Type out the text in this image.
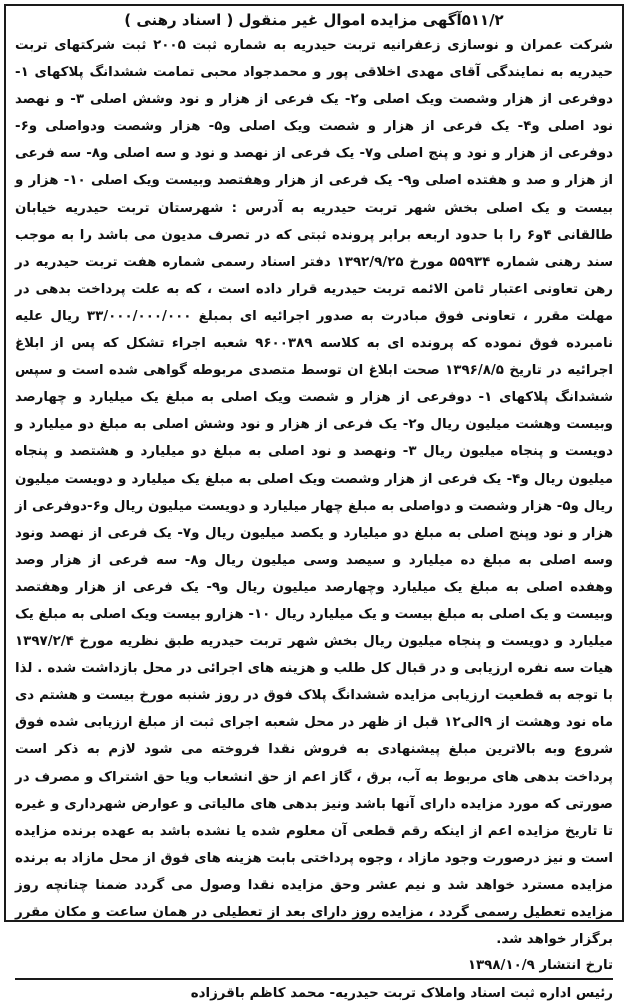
۵۱۱/۲آگهی مزایده اموال غیر منقول ( اسناد رهنی )

شرکت عمران و نوسازی زعفرانیه تربت حیدریه به شماره ثبت ۲۰۰۵ ثبت شرکتهای تربت حیدریه به نمایندگی آقای مهدی اخلاقی پور و محمدجواد محبی تمامت ششدانگ پلاکهای ۱- دوفرعی از هزار وشصت ویک اصلی و۲- یک فرعی از هزار و نود وشش اصلی ۳- و نهصد نود اصلی و۴- یک فرعی از هزار و شصت ویک اصلی و۵- هزار وشصت ودواصلی و۶- دوفرعی از هزار و نود و پنج اصلی و۷- یک فرعی از نهصد و نود و سه اصلی و۸- سه فرعی از هزار و صد و هفتده اصلی و۹- یک فرعی از هزار وهفتصد وبیست ویک اصلی ۱۰- هزار و بیست و یک اصلی بخش شهر تربت حیدریه به آدرس : شهرستان تربت حیدریه خیابان طالقانی ۴و۶ را با حدود اربعه برابر پرونده ثبتی که در تصرف مدیون می باشد را به موجب سند رهنی شماره ۵۵۹۳۴ مورخ ۱۳۹۲/۹/۲۵ دفتر اسناد رسمی شماره هفت تربت حیدریه در رهن تعاونی اعتبار ثامن الائمه تربت حیدریه قرار داده است ، که به علت پرداخت بدهی در مهلت مقرر ، تعاونی فوق مبادرت به صدور اجرائیه ای بمبلغ ۳۳/۰۰۰/۰۰۰/۰۰۰ ریال علیه نامبرده فوق نموده که پرونده ای به کلاسه ۹۶۰۰۳۸۹ شعبه اجراء تشکل که پس از ابلاغ اجرائیه در تاریخ ۱۳۹۶/۸/۵ صحت ابلاغ ان توسط متصدی مربوطه گواهی شده است و سپس ششدانگ پلاکهای ۱- دوفرعی از هزار و شصت ویک اصلی به مبلغ یک میلیارد و چهارصد وبیست وهشت میلیون ریال و۲- یک فرعی از هزار و نود وشش اصلی به مبلغ دو میلیارد و دویست و پنجاه میلیون ریال ۳- ونهصد و نود اصلی به مبلغ دو میلیارد و هشتصد و پنجاه میلیون ریال و۴- یک فرعی از هزار وشصت ویک اصلی به مبلغ یک میلیارد و دویست میلیون ریال و۵- هزار وشصت و دواصلی به مبلغ چهار میلیارد و دویست میلیون ریال و۶-دوفرعی از هزار و نود وپنج اصلی به مبلغ دو میلیارد و یکصد میلیون ریال و۷- یک فرعی از نهصد ونود وسه اصلی به مبلغ ده میلیارد و سیصد وسی میلیون ریال و۸- سه فرعی از هزار وصد وهفده اصلی به مبلغ یک میلیارد وچهارصد میلیون ریال و۹- یک فرعی از هزار وهفتصد وبیست و یک اصلی به مبلغ بیست و یک میلیارد ریال ۱۰- هزارو بیست ویک اصلی به مبلغ یک میلیارد و دویست و پنجاه میلیون ریال بخش شهر تربت حیدریه طبق نظریه مورخ ۱۳۹۷/۲/۴ هیات سه نفره ارزیابی و در قبال کل طلب و هزینه های اجرائی در محل بازداشت شده . لذا با توجه به قطعیت ارزیابی مزایده ششدانگ پلاک فوق در روز شنبه مورخ بیست و هشتم دی ماه نود وهشت از ۹الی۱۲ قبل از ظهر در محل شعبه اجرای ثبت از مبلغ ارزیابی شده فوق شروع وبه بالاترین مبلغ پیشنهادی به فروش نقدا فروخته می شود لازم به ذکر است پرداخت بدهی های مربوط به آب، برق ، گاز اعم از حق انشعاب ویا حق اشتراک و مصرف در صورتی که مورد مزایده دارای آنها باشد ونیز بدهی های مالیاتی و عوارض شهرداری و غیره تا تاریخ مزایده اعم از اینکه رقم قطعی آن معلوم شده یا نشده باشد به عهده برنده مزایده است و نیز درصورت وجود مازاد ، وجوه پرداختی بابت هزینه های فوق از محل مازاد به برنده مزایده مسترد خواهد شد و نیم عشر وحق مزایده نقدا وصول می گردد ضمنا چنانچه روز مزایده تعطیل رسمی گردد ، مزایده روز دارای بعد از تعطیلی در همان ساعت و مکان مقرر برگزار خواهد شد.

تارخ انتشار ۱۳۹۸/۱۰/۹

رئیس اداره ثبت اسناد واملاک تربت حیدریه- محمد کاظم باقرزاده
